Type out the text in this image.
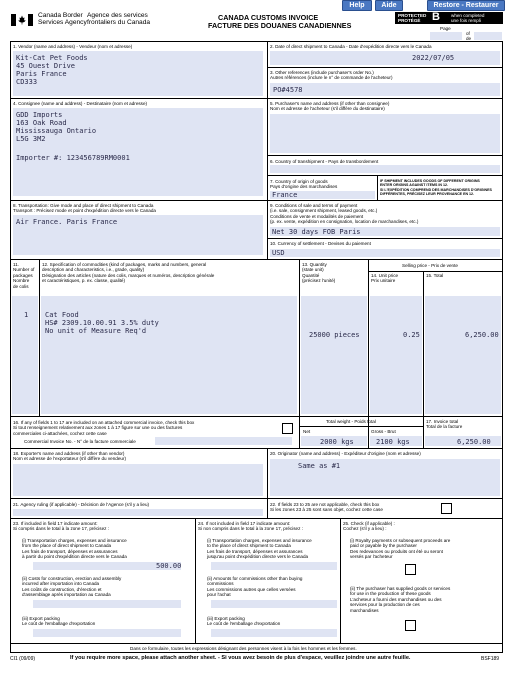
Help	Aide	Restore - Restaurer
Canada Border
Services Agency
Agence des services
frontaliers du Canada
CANADA CUSTOMS INVOICE
FACTURE DES DOUANES CANADIENNES
PROTECTED
PROTÉGÉ	B when completed
une fois rempli
Page
of
de
1. Vendor (name and address) - Vendeur (nom et adresse)
Kit-Cat Pet Foods
45 Ouest Drive
Paris France
CD333
2. Date of direct shipment to Canada - Date d'expédition directe vers le Canada
2022/07/05
3. Other references (include purchaser's order No.)
Autres références (inclure le n° de commande de l'acheteur)
PO#4578
4. Consignee (name and address) - Destinataire (nom et adresse)
GDD Imports
163 Oak Road
Mississauga Ontario
L5G 3M2
Importer #: 123456789RM0001
5. Purchaser's name and address (if other than consignee)
Nom et adresse de l'acheteur (s'il diffère du destinataire)
6. Country of transhipment - Pays de transbordement
7. Country of origin of goods
Pays d'origine des marchandises
France
IF SHIPMENT INCLUDES GOODS OF DIFFERENT ORIGINS
ENTER ORIGINS AGAINST ITEMS IN 12.
SI L'EXPÉDITION COMPREND DES MARCHANDISES D'ORIGINES
DIFFÉRENTES, PRÉCISEZ LEUR PROVENANCE EN 12.
8. Transportation: Give mode and place of direct shipment to Canada
Transport : Précisez mode et point d'expédition directe vers le Canada
Air France. Paris France
9. Conditions of sale and terms of payment
(i.e. sale, consignment shipment, leased goods, etc.)
Conditions de vente et modalités de paiement
(p. ex. vente, expédition en consignation, location de marchandises, etc.)
Net 30 days FOB Paris
10. Currency of settlement - Devises du paiement
USD
11.
Number of
packages
Nombre
de colis
12. Specification of commodities (kind of packages, marks and numbers, general
description and characteristics, i.e., grade, quality)
Désignation des articles (nature des colis, marques et numéros, description générale
et caractéristiques, p. ex. classe, qualité)
13. Quantity
(state unit)
Quantité
(précisez l'unité)
Selling price - Prix de vente
14. Unit price
Prix unitaire
15. Total
1 Cat Food
HS# 2309.10.00.91 3.5% duty
No unit of Measure Req'd	25000 pieces	0.25	6,250.00
16. If any of fields 1 to 17 are included on an attached commercial invoice, check this box
Si tout renseignement relativement aux zones 1 à 17 figure sur une ou des factures
commerciales ci-attachées, cochez cette case
Commercial Invoice No. - N° de la facture commerciale
Total weight - Poids total
Net	Gross - Brut
2000 kgs	2100 kgs
17. Invoice total
Total de la facture
6,250.00
18. Exporter's name and address (if other than vendor)
Nom et adresse de l'exportateur (s'il diffère du vendeur)
20. Originator (name and address) - Expéditeur d'origine (nom et adresse)
Same as #1
21. Agency ruling (if applicable) - Décision de l'Agence (s'il y a lieu)	22. If fields 23 to 25 are not applicable, check this box
Si les zones 23 à 25 sont sans objet, cochez cette case
23. If included in field 17 indicate amount:
Si compris dans le total à la zone 17, précisez :
(i) Transportation charges, expenses and insurance
from the place of direct shipment to Canada
Les frais de transport, dépenses et assurances
à partir du point d'expédition directe vers le Canada
500.00
(ii) Costs for construction, erection and assembly
incurred after importation into Canada
Les coûts de construction, d'érection et
d'assemblage après importation au Canada
(iii) Export packing
Le coût de l'emballage d'exportation
24. If not included in field 17 indicate amount:
Si non compris dans le total à la zone 17, précisez :
(i) Transportation charges, expenses and insurance
to the place of direct shipment to Canada
Les frais de transport, dépenses et assurances
jusqu'au point d'expédition directe vers le Canada
(ii) Amounts for commissions other than buying
commissions
Les commissions autres que celles versées
pour l'achat
(iii) Export packing
Le coût de l'emballage d'exportation
25. Check (if applicable) :
Cochez (s'il y a lieu) :
(i) Royalty payments or subsequent proceeds are
paid or payable by the purchaser
Des redevances ou produits ont été ou seront
versés par l'acheteur
(ii) The purchaser has supplied goods or services
for use in the production of these goods
L'acheteur a fourni des marchandises ou des
services pour la production de ces
marchandises
Dans ce formulaire, toutes les expressions désignant des personnes visent à la fois les hommes et les femmes.
CI1 (09/09)	If you require more space, please attach another sheet. - Si vous avez besoin de plus d'espace, veuillez joindre une autre feuille.	BSF189
